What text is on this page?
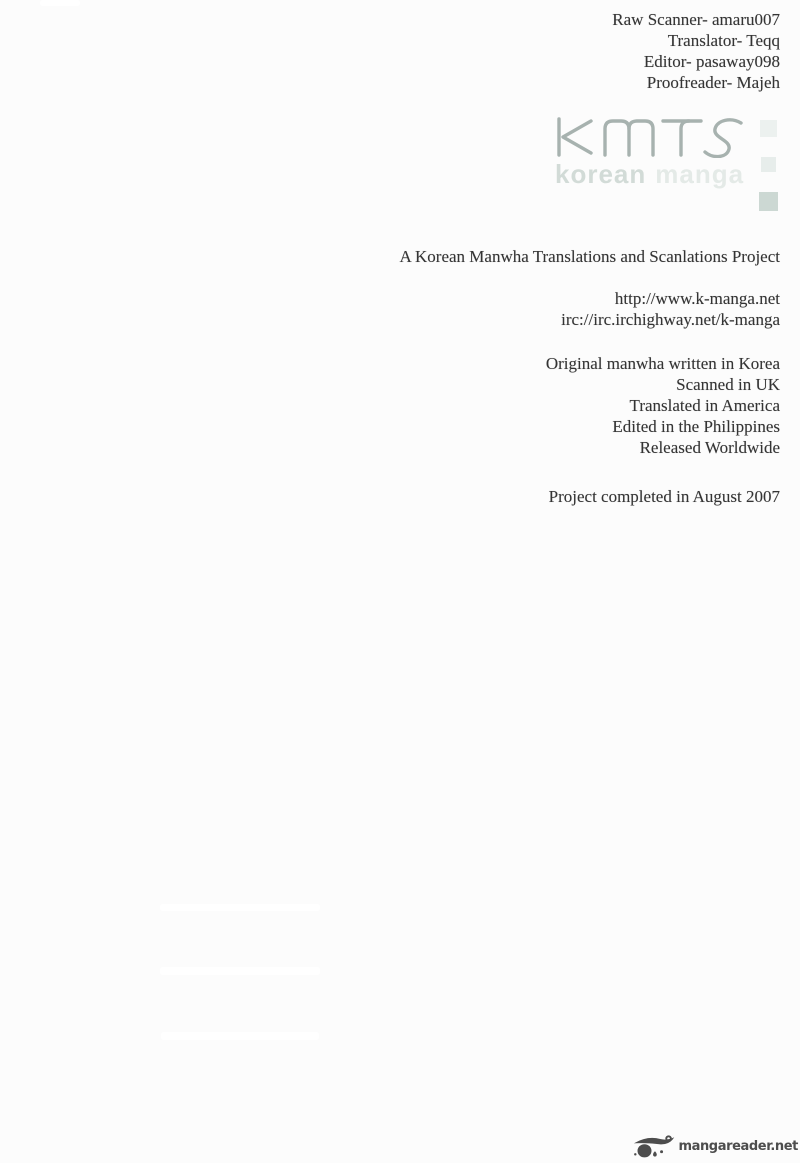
Raw Scanner- amaru007
Translator- Teqq
Editor- pasaway098
Proofreader- Majeh
korean manga
A Korean Manwha Translations and Scanlations Project
http://www.k-manga.net
irc://irc.irchighway.net/k-manga
Original manwha written in Korea
Scanned in UK
Translated in America
Edited in the Philippines
Released Worldwide
Project completed in August 2007
mangareader.net
